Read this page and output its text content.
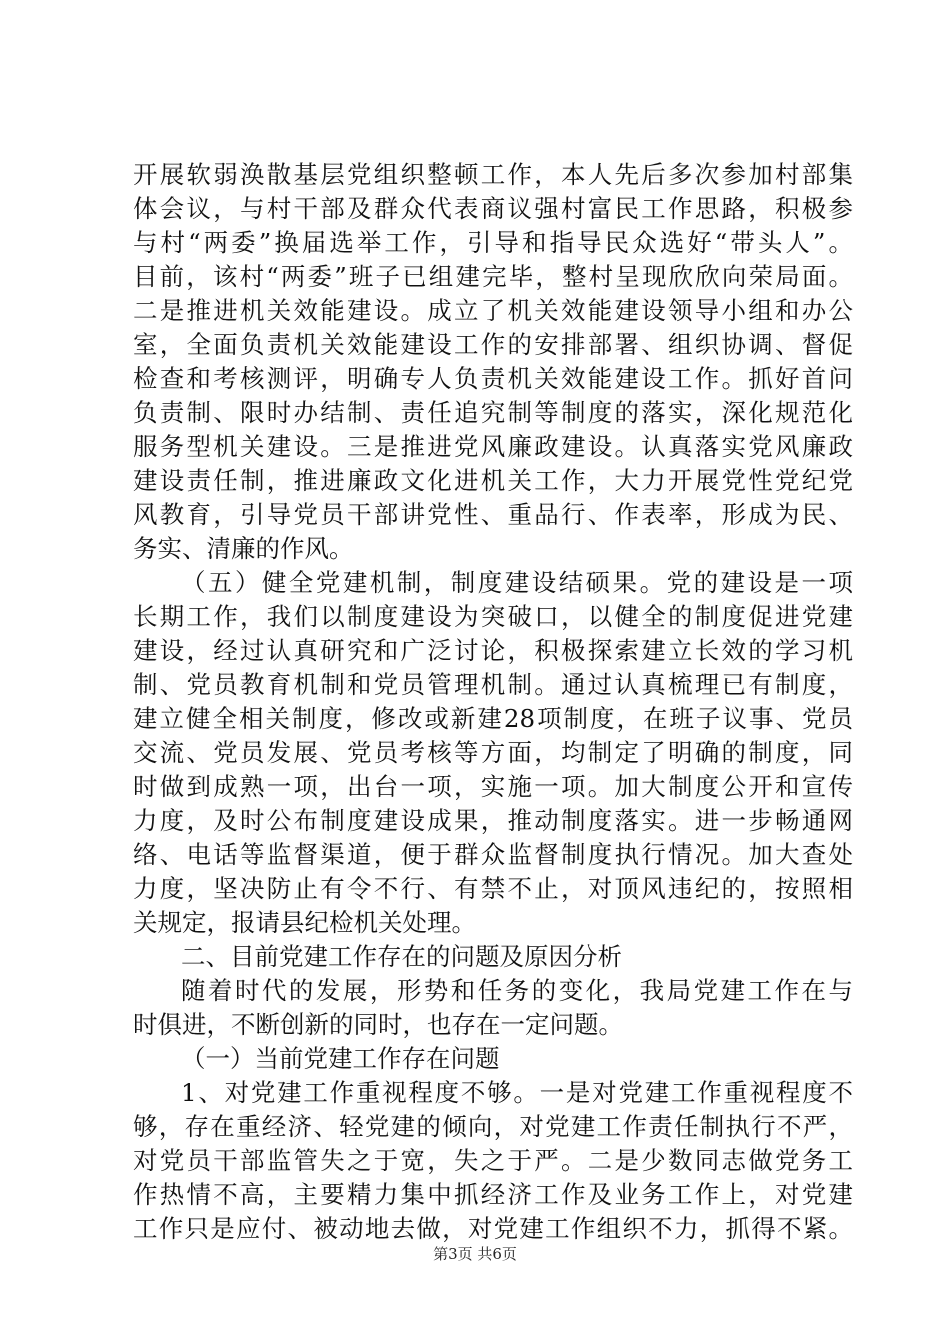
开展软弱涣散基层党组织整顿工作，本人先后多次参加村部集
体会议，与村干部及群众代表商议强村富民工作思路，积极参
与村“两委”换届选举工作，引导和指导民众选好“带头人”。
目前，该村“两委”班子已组建完毕，整村呈现欣欣向荣局面。
二是推进机关效能建设。成立了机关效能建设领导小组和办公
室，全面负责机关效能建设工作的安排部署、组织协调、督促
检查和考核测评，明确专人负责机关效能建设工作。抓好首问
负责制、限时办结制、责任追究制等制度的落实，深化规范化
服务型机关建设。三是推进党风廉政建设。认真落实党风廉政
建设责任制，推进廉政文化进机关工作，大力开展党性党纪党
风教育，引导党员干部讲党性、重品行、作表率，形成为民、
务实、清廉的作风。
（五）健全党建机制，制度建设结硕果。党的建设是一项
长期工作，我们以制度建设为突破口，以健全的制度促进党建
建设，经过认真研究和广泛讨论，积极探索建立长效的学习机
制、党员教育机制和党员管理机制。通过认真梳理已有制度，
建立健全相关制度，修改或新建28项制度，在班子议事、党员
交流、党员发展、党员考核等方面，均制定了明确的制度，同
时做到成熟一项，出台一项，实施一项。加大制度公开和宣传
力度，及时公布制度建设成果，推动制度落实。进一步畅通网
络、电话等监督渠道，便于群众监督制度执行情况。加大查处
力度，坚决防止有令不行、有禁不止，对顶风违纪的，按照相
关规定，报请县纪检机关处理。
二、目前党建工作存在的问题及原因分析
随着时代的发展，形势和任务的变化，我局党建工作在与
时俱进，不断创新的同时，也存在一定问题。
（一）当前党建工作存在问题
1、对党建工作重视程度不够。一是对党建工作重视程度不
够，存在重经济、轻党建的倾向，对党建工作责任制执行不严，
对党员干部监管失之于宽，失之于严。二是少数同志做党务工
作热情不高，主要精力集中抓经济工作及业务工作上，对党建
工作只是应付、被动地去做，对党建工作组织不力，抓得不紧。
第3页 共6页
